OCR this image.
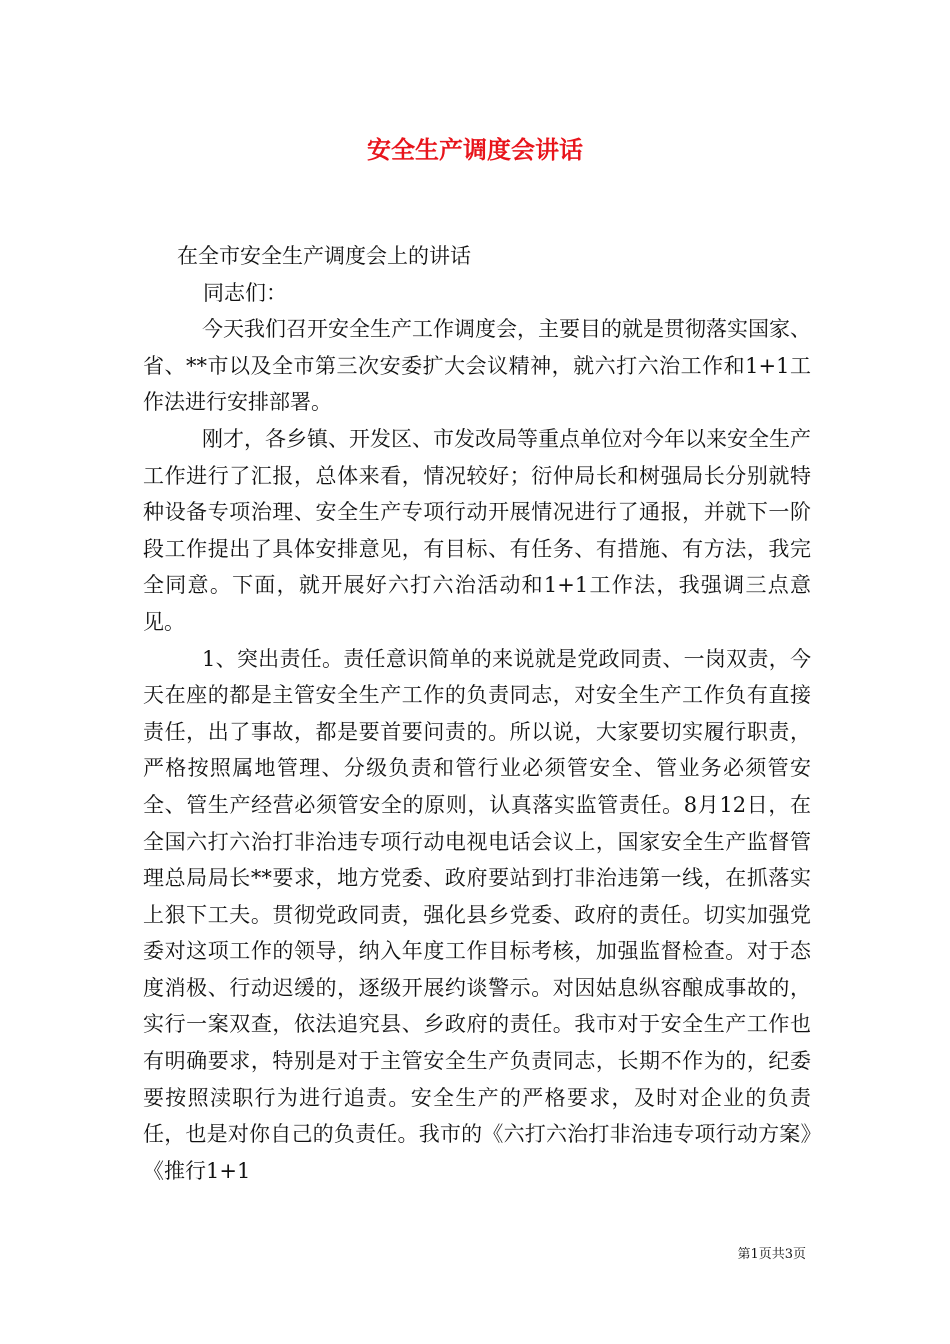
安全生产调度会讲话

在全市安全生产调度会上的讲话

同志们：

今天我们召开安全生产工作调度会，主要目的就是贯彻落实国家、省、**市以及全市第三次安委扩大会议精神，就六打六治工作和1+1工作法进行安排部署。

刚才，各乡镇、开发区、市发改局等重点单位对今年以来安全生产工作进行了汇报，总体来看，情况较好；衍仲局长和树强局长分别就特种设备专项治理、安全生产专项行动开展情况进行了通报，并就下一阶段工作提出了具体安排意见，有目标、有任务、有措施、有方法，我完全同意。下面，就开展好六打六治活动和1+1工作法，我强调三点意见。

1、突出责任。责任意识简单的来说就是党政同责、一岗双责，今天在座的都是主管安全生产工作的负责同志，对安全生产工作负有直接责任，出了事故，都是要首要问责的。所以说，大家要切实履行职责，严格按照属地管理、分级负责和管行业必须管安全、管业务必须管安全、管生产经营必须管安全的原则，认真落实监管责任。8月12日，在全国六打六治打非治违专项行动电视电话会议上，国家安全生产监督管理总局局长**要求，地方党委、政府要站到打非治违第一线，在抓落实上狠下工夫。贯彻党政同责，强化县乡党委、政府的责任。切实加强党委对这项工作的领导，纳入年度工作目标考核，加强监督检查。对于态度消极、行动迟缓的，逐级开展约谈警示。对因姑息纵容酿成事故的，实行一案双查，依法追究县、乡政府的责任。我市对于安全生产工作也有明确要求，特别是对于主管安全生产负责同志，长期不作为的，纪委要按照渎职行为进行追责。安全生产的严格要求，及时对企业的负责任，也是对你自己的负责任。我市的《六打六治打非治违专项行动方案》《推行1+1

第1页共3页
